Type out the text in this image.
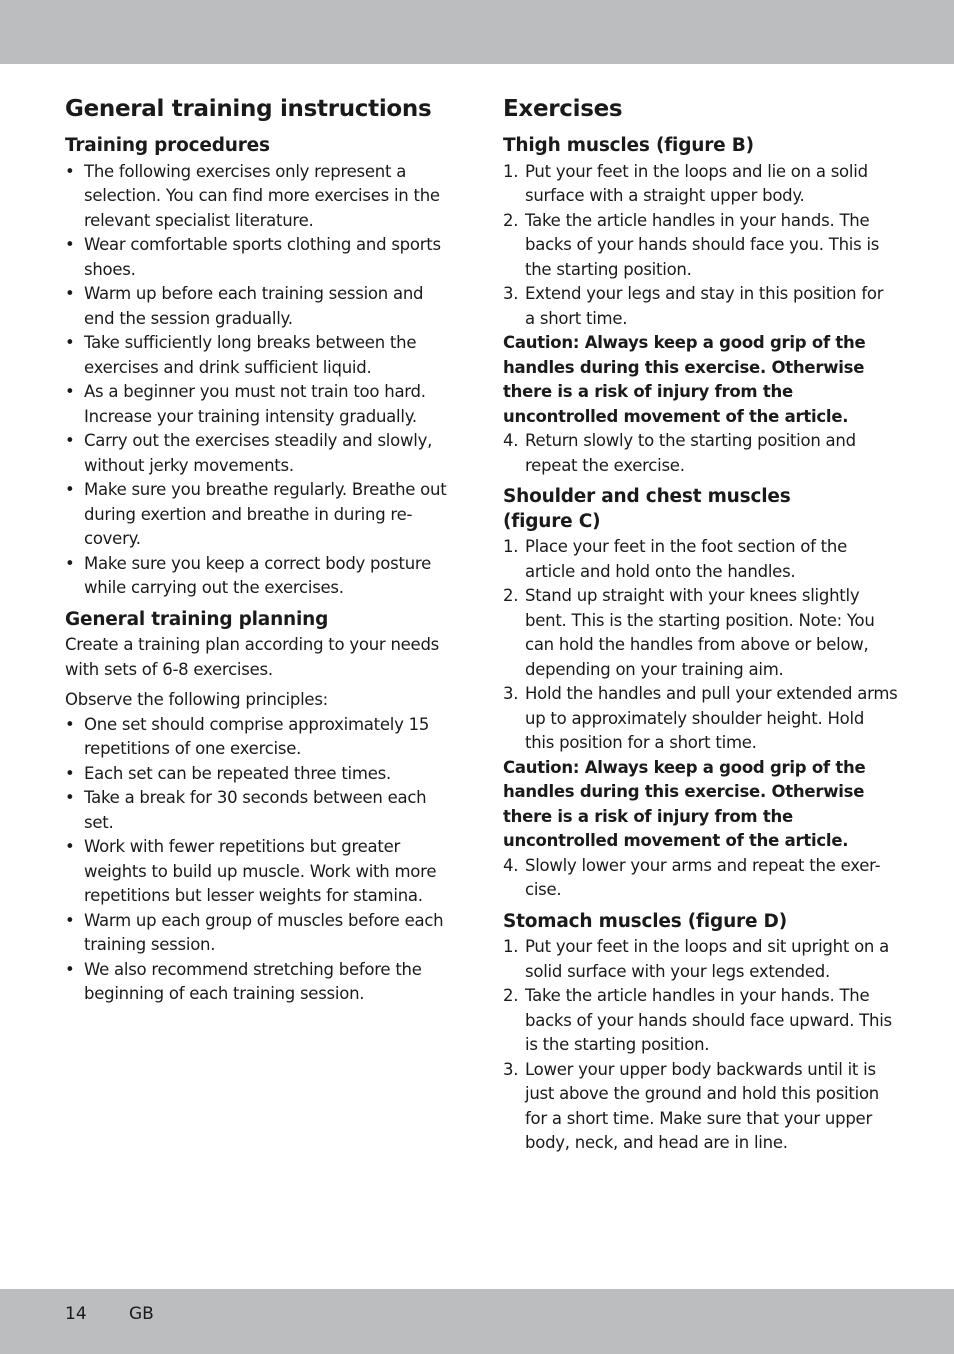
General training instructions
Training procedures
• The following exercises only represent a selection. You can find more exercises in the relevant specialist literature.
• Wear comfortable sports clothing and sports shoes.
• Warm up before each training session and end the session gradually.
• Take sufficiently long breaks between the exercises and drink sufficient liquid.
• As a beginner you must not train too hard. Increase your training intensity gradually.
• Carry out the exercises steadily and slowly, without jerky movements.
• Make sure you breathe regularly. Breathe out during exertion and breathe in during re-covery.
• Make sure you keep a correct body posture while carrying out the exercises.
General training planning

Create a training plan according to your needs with sets of 6-8 exercises.

Observe the following principles:

• One set should comprise approximately 15 repetitions of one exercise.
• Each set can be repeated three times.
• Take a break for 30 seconds between each set.
• Work with fewer repetitions but greater weights to build up muscle. Work with more repetitions but lesser weights for stamina.
• Warm up each group of muscles before each training session.
• We also recommend stretching before the beginning of each training session.
Exercises
Thigh muscles (figure B)
1. Put your feet in the loops and lie on a solid surface with a straight upper body.
2. Take the article handles in your hands. The backs of your hands should face you. This is the starting position.
3. Extend your legs and stay in this position for a short time.

Caution: Always keep a good grip of the handles during this exercise. Otherwise there is a risk of injury from the uncontrolled movement of the article.

4. Return slowly to the starting position and repeat the exercise.
Shoulder and chest muscles (figure C)
1. Place your feet in the foot section of the article and hold onto the handles.
2. Stand up straight with your knees slightly bent. This is the starting position. Note: You can hold the handles from above or below, depending on your training aim.
3. Hold the handles and pull your extended arms up to approximately shoulder height. Hold this position for a short time.

Caution: Always keep a good grip of the handles during this exercise. Otherwise there is a risk of injury from the uncontrolled movement of the article.

4. Slowly lower your arms and repeat the exer-cise.
Stomach muscles (figure D)
1. Put your feet in the loops and sit upright on a solid surface with your legs extended.
2. Take the article handles in your hands. The backs of your hands should face upward. This is the starting position.
3. Lower your upper body backwards until it is just above the ground and hold this position for a short time. Make sure that your upper body, neck, and head are in line.
14 GB
